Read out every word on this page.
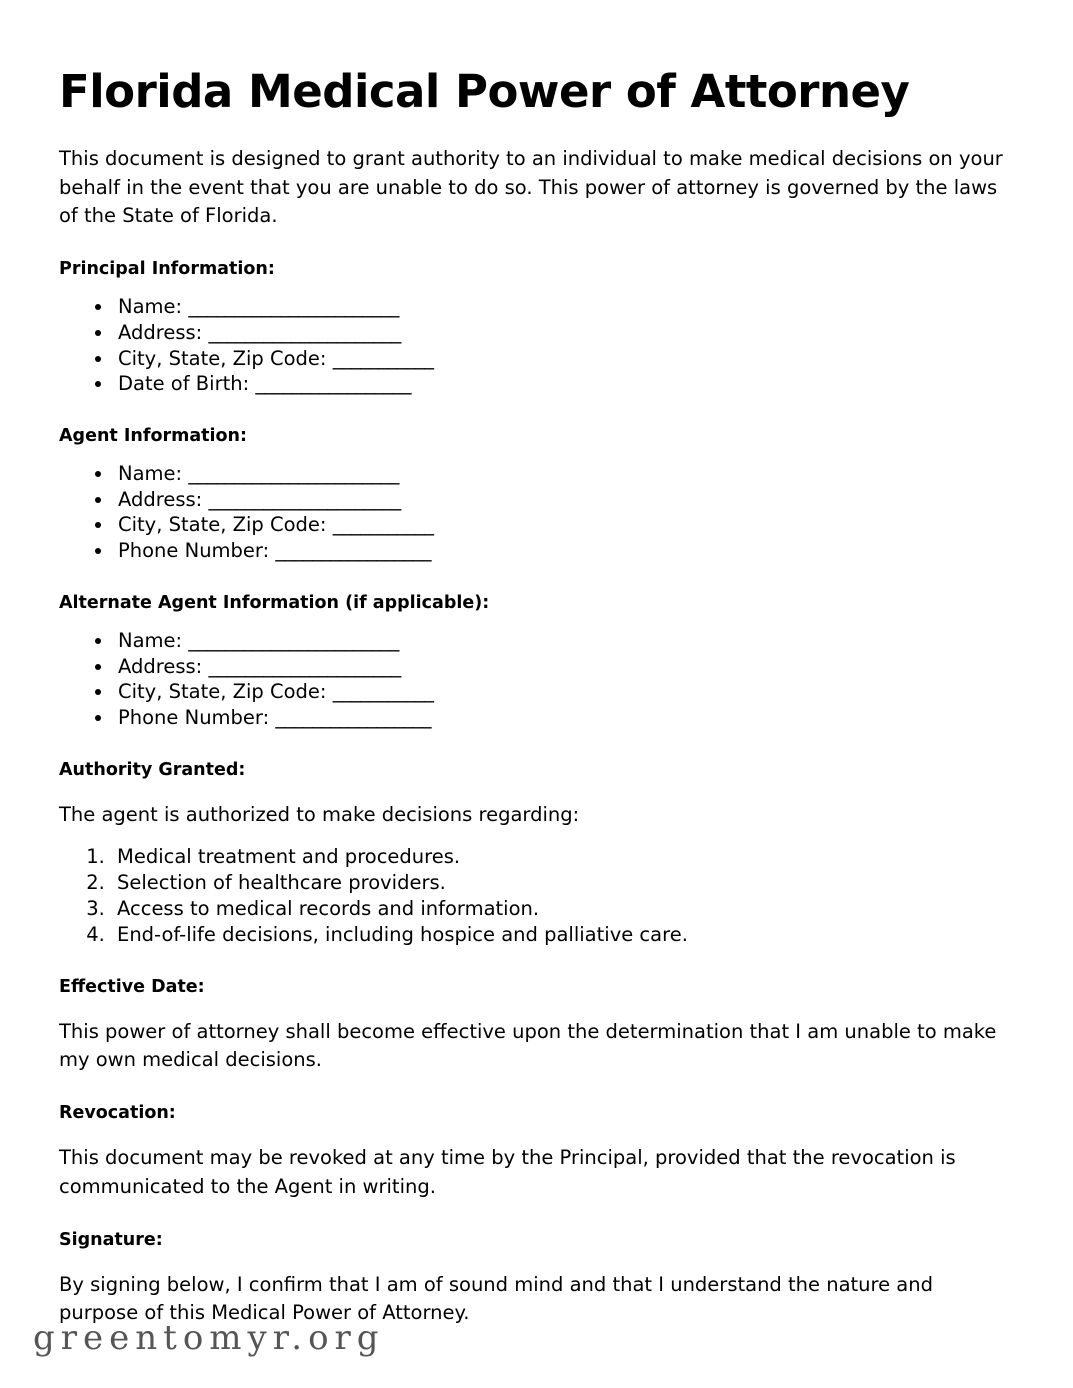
Florida Medical Power of Attorney

This document is designed to grant authority to an individual to make medical decisions on your behalf in the event that you are unable to do so. This power of attorney is governed by the laws of the State of Florida.

Principal Information:
• Name: _______________________
• Address: _____________________
• City, State, Zip Code: ___________
• Date of Birth: _________________
Agent Information:
• Name: _______________________
• Address: _____________________
• City, State, Zip Code: ___________
• Phone Number: _________________
Alternate Agent Information (if applicable):
• Name: _______________________
• Address: _____________________
• City, State, Zip Code: ___________
• Phone Number: _________________
Authority Granted:

The agent is authorized to make decisions regarding:

1. Medical treatment and procedures.
2. Selection of healthcare providers.
3. Access to medical records and information.
4. End-of-life decisions, including hospice and palliative care.
Effective Date:

This power of attorney shall become effective upon the determination that I am unable to make my own medical decisions.

Revocation:

This document may be revoked at any time by the Principal, provided that the revocation is communicated to the Agent in writing.

Signature:

By signing below, I confirm that I am of sound mind and that I understand the nature and purpose of this Medical Power of Attorney.

greentomyr.org
